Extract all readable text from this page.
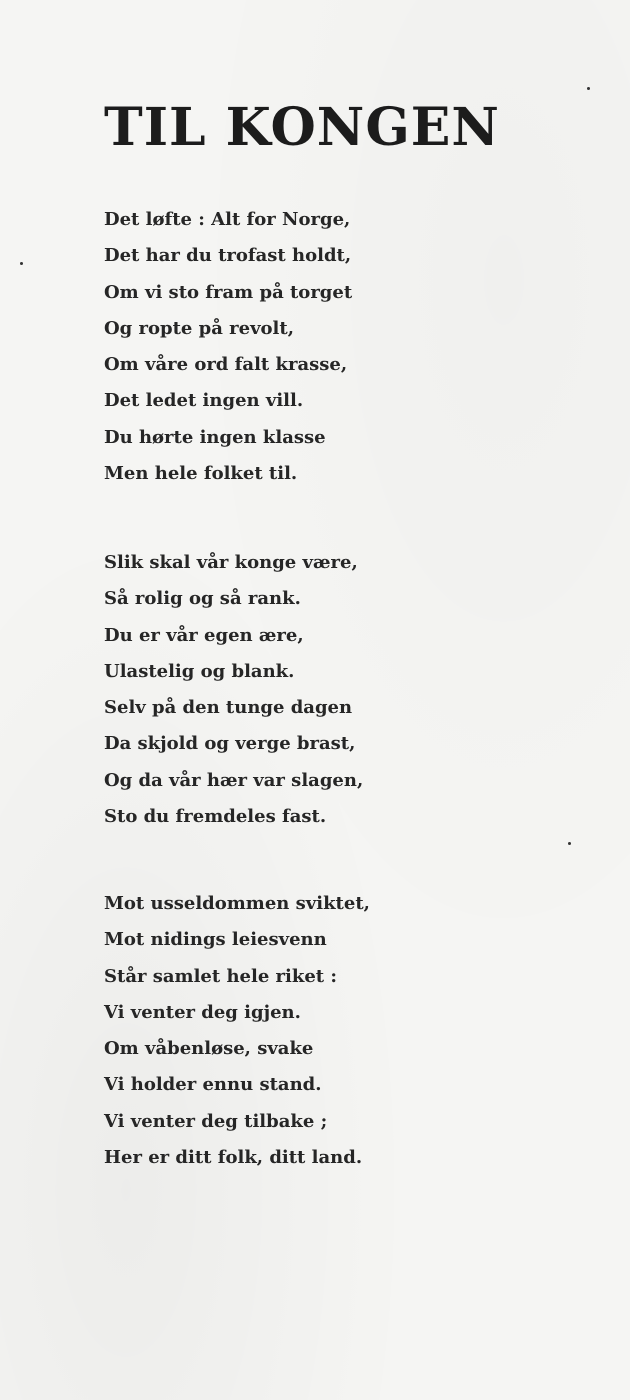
TIL KONGEN
Det løfte : Alt for Norge,
Det har du trofast holdt,
Om vi sto fram på torget
Og ropte på revolt,
Om våre ord falt krasse,
Det ledet ingen vill.
Du hørte ingen klasse
Men hele folket til.
Slik skal vår konge være,
Så rolig og så rank.
Du er vår egen ære,
Ulastelig og blank.
Selv på den tunge dagen
Da skjold og verge brast,
Og da vår hær var slagen,
Sto du fremdeles fast.
Mot usseldommen sviktet,
Mot nidings leiesvenn
Står samlet hele riket :
Vi venter deg igjen.
Om våbenløse, svake
Vi holder ennu stand.
Vi venter deg tilbake ;
Her er ditt folk, ditt land.
